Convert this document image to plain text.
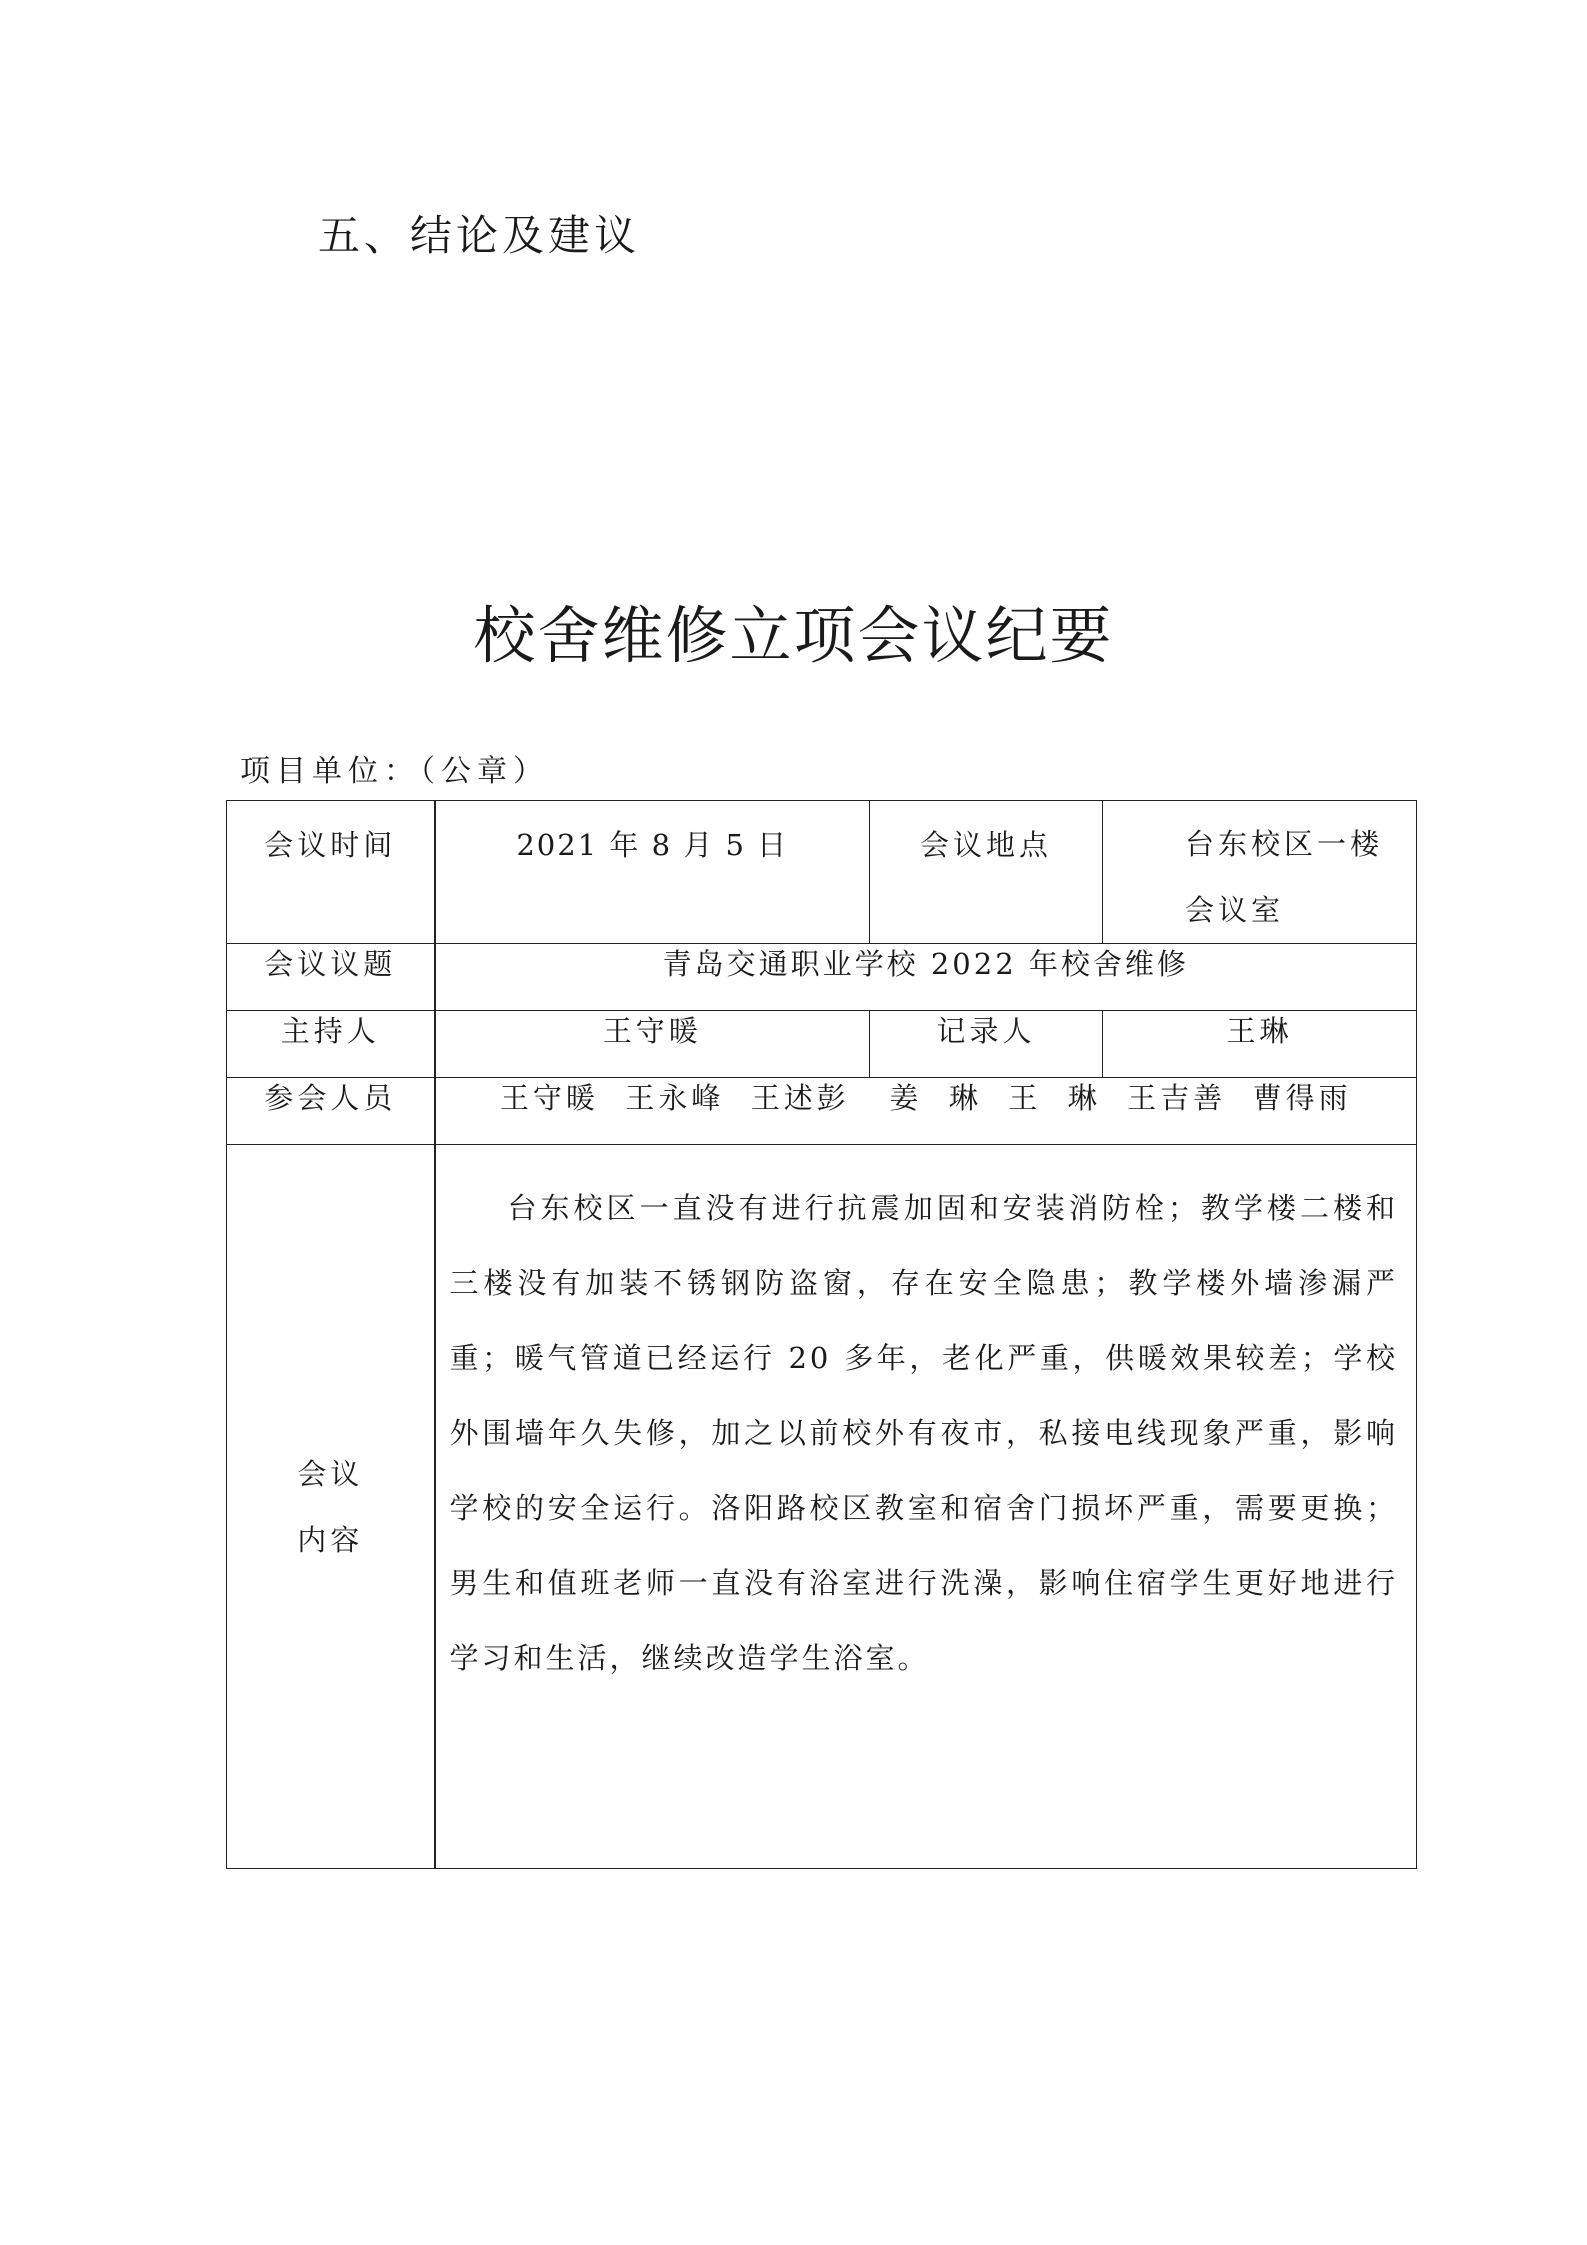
五、结论及建议
校舍维修立项会议纪要
项目单位：（公章）
会议时间	2021 年 8 月 5 日	会议地点	台东校区一楼会议室
会议议题	青岛交通职业学校 2022 年校舍维修		
主持人	王守暖	记录人	王琳
参会人员	王守暖  王永峰  王述彭   姜  琳  王  琳  王吉善  曹得雨		

会议
内容	台东校区一直没有进行抗震加固和安装消防栓；教学楼二楼和三楼没有加装不锈钢防盗窗，存在安全隐患；教学楼外墙渗漏严重；暖气管道已经运行 20 多年，老化严重，供暖效果较差；学校外围墙年久失修，加之以前校外有夜市，私接电线现象严重，影响学校的安全运行。洛阳路校区教室和宿舍门损坏严重，需要更换；男生和值班老师一直没有浴室进行洗澡，影响住宿学生更好地进行学习和生活，继续改造学生浴室。		
